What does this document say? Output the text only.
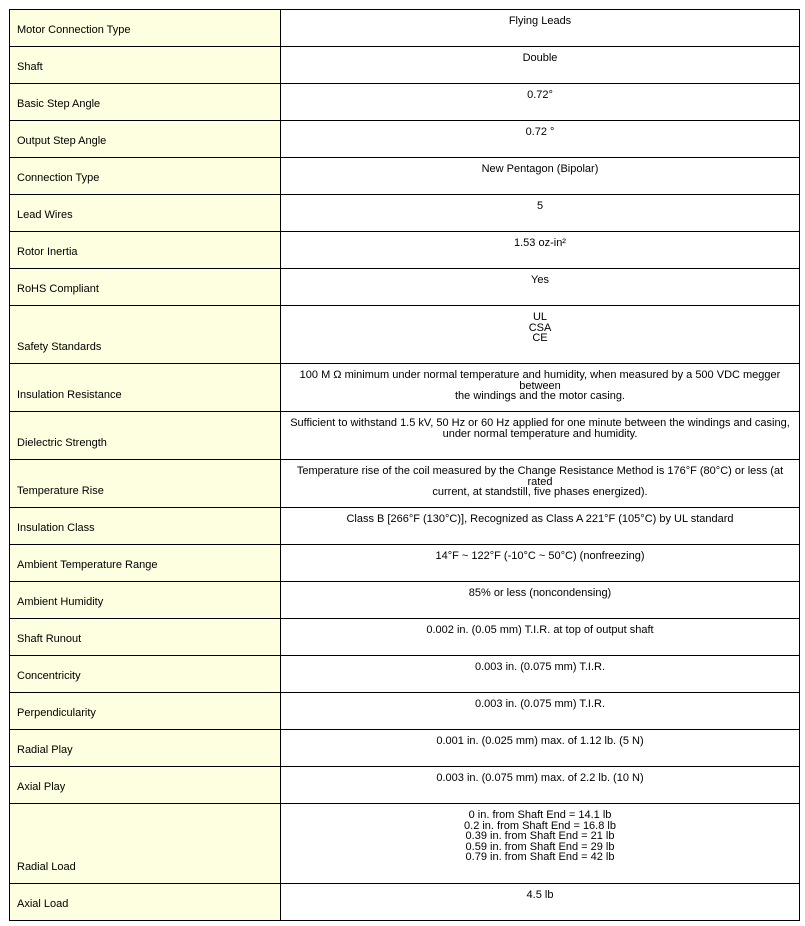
Motor Connection Type	Flying Leads

Shaft	Double

Basic Step Angle	0.72°

Output Step Angle	0.72 °

Connection Type	New Pentagon (Bipolar)

Lead Wires	5

Rotor Inertia	1.53 oz-in²

RoHS Compliant	Yes

Safety Standards	UL
CSA
CE

Insulation Resistance	100 M Ω minimum under normal temperature and humidity, when measured by a 500 VDC megger between
the windings and the motor casing.

Dielectric Strength	Sufficient to withstand 1.5 kV, 50 Hz or 60 Hz applied for one minute between the windings and casing,
under normal temperature and humidity.

Temperature Rise	Temperature rise of the coil measured by the Change Resistance Method is 176°F (80°C) or less (at rated
current, at standstill, five phases energized).

Insulation Class	Class B [266°F (130°C)], Recognized as Class A 221°F (105°C) by UL standard

Ambient Temperature Range	14°F ~ 122°F (-10°C ~ 50°C) (nonfreezing)

Ambient Humidity	85% or less (noncondensing)

Shaft Runout	0.002 in. (0.05 mm) T.I.R. at top of output shaft

Concentricity	0.003 in. (0.075 mm) T.I.R.

Perpendicularity	0.003 in. (0.075 mm) T.I.R.

Radial Play	0.001 in. (0.025 mm) max. of 1.12 lb. (5 N)

Axial Play	0.003 in. (0.075 mm) max. of 2.2 lb. (10 N)

Radial Load	0 in. from Shaft End = 14.1 lb
0.2 in. from Shaft End = 16.8 lb
0.39 in. from Shaft End = 21 lb
0.59 in. from Shaft End = 29 lb
0.79 in. from Shaft End = 42 lb

Axial Load	4.5 lb
